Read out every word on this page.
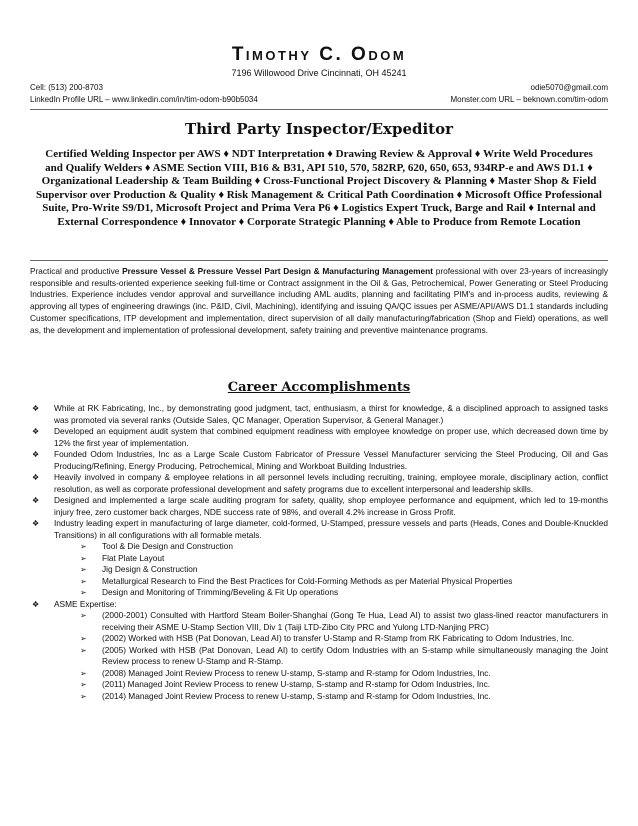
Timothy C. Odom
7196 Willowood Drive Cincinnati, OH 45241
Cell: (513) 200-8703	odie5070@gmail.com
LinkedIn Profile URL – www.linkedin.com/in/tim-odom-b90b5034	Monster.com URL – beknown.com/tim-odom
Third Party Inspector/Expeditor
Certified Welding Inspector per AWS ♦ NDT Interpretation ♦ Drawing Review & Approval ♦ Write Weld Procedures and Qualify Welders ♦ ASME Section VIII, B16 & B31, API 510, 570, 582RP, 620, 650, 653, 934RP-e and AWS D1.1 ♦ Organizational Leadership & Team Building ♦ Cross-Functional Project Discovery & Planning ♦ Master Shop & Field Supervisor over Production & Quality ♦ Risk Management & Critical Path Coordination ♦ Microsoft Office Professional Suite, Pro-Write S9/D1, Microsoft Project and Prima Vera P6 ♦ Logistics Expert Truck, Barge and Rail ♦ Internal and External Correspondence ♦ Innovator ♦ Corporate Strategic Planning ♦ Able to Produce from Remote Location
Practical and productive Pressure Vessel & Pressure Vessel Part Design & Manufacturing Management professional with over 23-years of increasingly responsible and results-oriented experience seeking full-time or Contract assignment in the Oil & Gas, Petrochemical, Power Generating or Steel Producing Industries. Experience includes vendor approval and surveillance including AML audits, planning and facilitating PIM's and in-process audits, reviewing & approving all types of engineering drawings (inc. P&ID, Civil, Machining), identifying and issuing QA/QC issues per ASME/API/AWS D1.1 standards including Customer specifications, ITP development and implementation, direct supervision of all daily manufacturing/fabrication (Shop and Field) operations, as well as, the development and implementation of professional development, safety training and preventive maintenance programs.
Career Accomplishments
❖ While at RK Fabricating, Inc., by demonstrating good judgment, tact, enthusiasm, a thirst for knowledge, & a disciplined approach to assigned tasks was promoted via several ranks (Outside Sales, QC Manager, Operation Supervisor, & General Manager.)
❖ Developed an equipment audit system that combined equipment readiness with employee knowledge on proper use, which decreased down time by 12% the first year of implementation.
❖ Founded Odom Industries, Inc as a Large Scale Custom Fabricator of Pressure Vessel Manufacturer servicing the Steel Producing, Oil and Gas Producing/Refining, Energy Producing, Petrochemical, Mining and Workboat Building Industries.
❖ Heavily involved in company & employee relations in all personnel levels including recruiting, training, employee morale, disciplinary action, conflict resolution, as well as corporate professional development and safety programs due to excellent interpersonal and leadership skills.
❖ Designed and implemented a large scale auditing program for safety, quality, shop employee performance and equipment, which led to 19-months injury free, zero customer back charges, NDE success rate of 98%, and overall 4.2% increase in Gross Profit.
❖ Industry leading expert in manufacturing of large diameter, cold-formed, U-Stamped, pressure vessels and parts (Heads, Cones and Double-Knuckled Transitions) in all configurations with all formable metals.
➢ Tool & Die Design and Construction
➢ Flat Plate Layout
➢ Jig Design & Construction
➢ Metallurgical Research to Find the Best Practices for Cold-Forming Methods as per Material Physical Properties
➢ Design and Monitoring of Trimming/Beveling & Fit Up operations
❖ ASME Expertise:
➢ (2000-2001) Consulted with Hartford Steam Boiler-Shanghai (Gong Te Hua, Lead AI) to assist two glass-lined reactor manufacturers in receiving their ASME U-Stamp Section VIII, Div 1 (Taiji LTD-Zibo City PRC and Yulong LTD-Nanjing PRC)
➢ (2002) Worked with HSB (Pat Donovan, Lead AI) to transfer U-Stamp and R-Stamp from RK Fabricating to Odom Industries, Inc.
➢ (2005) Worked with HSB (Pat Donovan, Lead AI) to certify Odom Industries with an S-stamp while simultaneously managing the Joint Review process to renew U-Stamp and R-Stamp.
➢ (2008) Managed Joint Review Process to renew U-stamp, S-stamp and R-stamp for Odom Industries, Inc.
➢ (2011) Managed Joint Review Process to renew U-stamp, S-stamp and R-stamp for Odom Industries, Inc.
➢ (2014) Managed Joint Review Process to renew U-stamp, S-stamp and R-stamp for Odom Industries, Inc.
